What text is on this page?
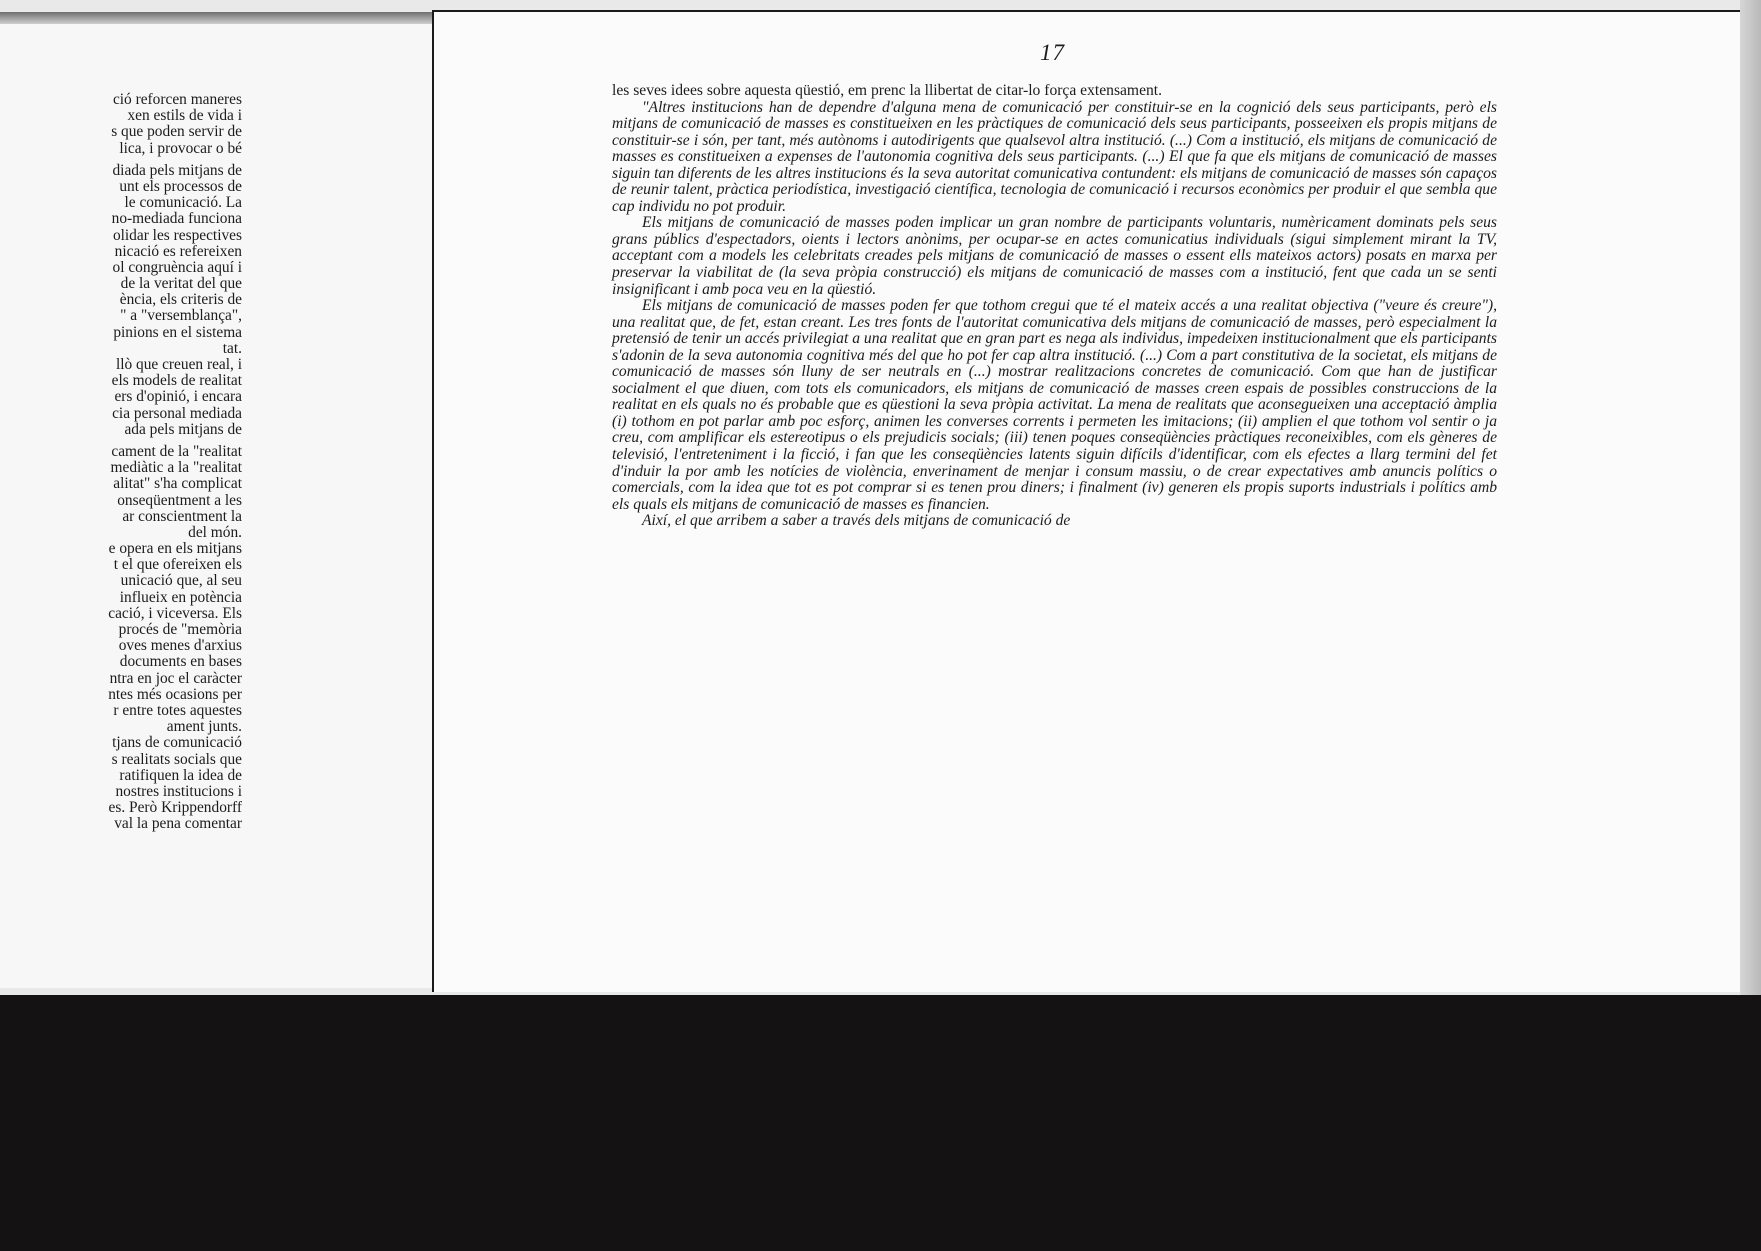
ció reforcen maneres
xen estils de vida i
s que poden servir de
lica, i provocar o bé
diada pels mitjans de
unt els processos de
le comunicació. La
no-mediada funciona
olidar les respectives
nicació es refereixen
ol congruència aquí i
de la veritat del que
ència, els criteris de
" a "versemblança",
pinions en el sistema
tat.
llò que creuen real, i
els models de realitat
ers d'opinió, i encara
cia personal mediada
ada pels mitjans de
cament de la "realitat
mediàtic a la "realitat
alitat" s'ha complicat
onseqüentment a les
ar conscientment la
del món.
e opera en els mitjans
t el que ofereixen els
unicació que, al seu
influeix en potència
cació, i viceversa. Els
procés de "memòria
oves menes d'arxius
documents en bases
ntra en joc el caràcter
ntes més ocasions per
r entre totes aquestes
ament junts.
tjans de comunicació
s realitats socials que
ratifiquen la idea de
nostres institucions i
es. Però Krippendorff
val la pena comentar
17

les seves idees sobre aquesta qüestió, em prenc la llibertat de citar-lo força extensament.

"Altres institucions han de dependre d'alguna mena de comunicació per constituir-se en la cognició dels seus participants, però els mitjans de comunicació de masses es constitueixen en les pràctiques de comunicació dels seus participants, posseeixen els propis mitjans de constituir-se i són, per tant, més autònoms i autodirigents que qualsevol altra institució. (...) Com a institució, els mitjans de comunicació de masses es constitueixen a expenses de l'autonomia cognitiva dels seus participants. (...) El que fa que els mitjans de comunicació de masses siguin tan diferents de les altres institucions és la seva autoritat comunicativa contundent: els mitjans de comunicació de masses són capaços de reunir talent, pràctica periodística, investigació científica, tecnologia de comunicació i recursos econòmics per produir el que sembla que cap individu no pot produir.

Els mitjans de comunicació de masses poden implicar un gran nombre de participants voluntaris, numèricament dominats pels seus grans públics d'espectadors, oients i lectors anònims, per ocupar-se en actes comunicatius individuals (sigui simplement mirant la TV, acceptant com a models les celebritats creades pels mitjans de comunicació de masses o essent ells mateixos actors) posats en marxa per preservar la viabilitat de (la seva pròpia construcció) els mitjans de comunicació de masses com a institució, fent que cada un se senti insignificant i amb poca veu en la qüestió.

Els mitjans de comunicació de masses poden fer que tothom cregui que té el mateix accés a una realitat objectiva ("veure és creure"), una realitat que, de fet, estan creant. Les tres fonts de l'autoritat comunicativa dels mitjans de comunicació de masses, però especialment la pretensió de tenir un accés privilegiat a una realitat que en gran part es nega als individus, impedeixen institucionalment que els participants s'adonin de la seva autonomia cognitiva més del que ho pot fer cap altra institució. (...) Com a part constitutiva de la societat, els mitjans de comunicació de masses són lluny de ser neutrals en (...) mostrar realitzacions concretes de comunicació. Com que han de justificar socialment el que diuen, com tots els comunicadors, els mitjans de comunicació de masses creen espais de possibles construccions de la realitat en els quals no és probable que es qüestioni la seva pròpia activitat. La mena de realitats que aconsegueixen una acceptació àmplia (i) tothom en pot parlar amb poc esforç, animen les converses corrents i permeten les imitacions; (ii) amplien el que tothom vol sentir o ja creu, com amplificar els estereotipus o els prejudicis socials; (iii) tenen poques conseqüències pràctiques reconeixibles, com els gèneres de televisió, l'entreteniment i la ficció, i fan que les conseqüències latents siguin difícils d'identificar, com els efectes a llarg termini del fet d'induir la por amb les notícies de violència, enverinament de menjar i consum massiu, o de crear expectatives amb anuncis polítics o comercials, com la idea que tot es pot comprar si es tenen prou diners; i finalment (iv) generen els propis suports industrials i polítics amb els quals els mitjans de comunicació de masses es financien.

Així, el que arribem a saber a través dels mitjans de comunicació de
